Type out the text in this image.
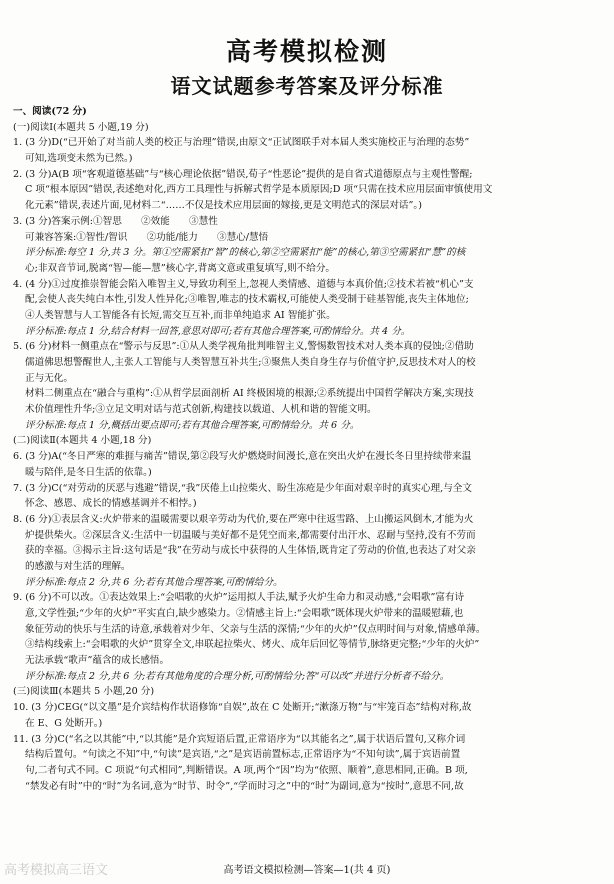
高考模拟检测
语文试题参考答案及评分标准
一、阅读(72 分)
(一)阅读Ⅰ(本题共 5 小题,19 分)
1. (3 分)D(“已开始了对当前人类的校正与治理”错误,由原文“正试图联手对本届人类实施校正与治理的态势”
可知,选项变未然为已然。)
2. (3 分)A(B 项“客观道德基础”与“核心理论依据”错误,荀子“性恶论”提供的是自省式道德原点与主观性警醒;
C 项“根本原因”错误,表述绝对化,西方工具理性与拆解式哲学是本质原因;D 项“只需在技术应用层面审慎使用文
化元素”错误,表述片面,见材料二“……不仅是技术应用层面的嫁接,更是文明范式的深层对话”。)
3. (3 分)答案示例:①智思　　②效能　　③慧性
可兼容答案:①智性/智识　　②功能/能力　　③慧心/慧悟
评分标准:每空 1 分,共 3 分。第①空需紧扣“智”的核心,第②空需紧扣“能”的核心,第③空需紧扣“慧”的核
心;非双音节词,脱离“智—能—慧”核心字,背离文意或重复填写,则不给分。
4. (4 分)①过度推崇智能会陷入唯智主义,导致功利至上,忽视人类情感、道德与本真价值;②技术若被“机心”支
配,会使人丧失纯白本性,引发人性异化;③唯智,唯志的技术霸权,可能使人类受制于硅基智能,丧失主体地位;
④人类智慧与人工智能各有长短,需交互互补,而非单纯追求 AI 智能扩张。
评分标准:每点 1 分,结合材料一回答,意思对即可;若有其他合理答案,可酌情给分。共 4 分。
5. (6 分)材料一侧重点在“警示与反思”:①从人类学视角批判唯智主义,警惕数智技术对人类本真的侵蚀;②借助
儒道佛思想警醒世人,主张人工智能与人类智慧互补共生;③聚焦人类自身生存与价值守护,反思技术对人的校
正与无化。
材料二侧重点在“融合与重构”:①从哲学层面剖析 AI 终极困境的根源;②系统提出中国哲学解决方案,实现技
术价值理性升华;③立足文明对话与范式创新,构建技以载道、人机和谐的智能文明。
评分标准:每点 1 分,概括出要点即可;若有其他合理答案,可酌情给分。共 6 分。
(二)阅读Ⅱ(本题共 4 小题,18 分)
6. (3 分)A(“冬日严寒的难捱与痛苦”错误,第②段写火炉燃烧时间漫长,意在突出火炉在漫长冬日里持续带来温
暖与陪伴,是冬日生活的依靠。)
7. (3 分)C(“对劳动的厌恶与逃避”错误,“我”厌倦上山拉柴火、盼生冻疮是少年面对艰辛时的真实心理,与全文
怀念、感恩、成长的情感基调并不相悖。)
8. (6 分)①表层含义:火炉带来的温暖需要以艰辛劳动为代价,要在严寒中往返雪路、上山搬运风倒木,才能为火
炉提供柴火。②深层含义:生活中一切温暖与美好都不是凭空而来,都需要付出汗水、忍耐与坚持,没有不劳而
获的幸福。③揭示主旨:这句话是“我”在劳动与成长中获得的人生体悟,既肯定了劳动的价值,也表达了对父亲
的感激与对生活的理解。
评分标准:每点 2 分,共 6 分;若有其他合理答案,可酌情给分。
9. (6 分)不可以改。①表达效果上:“会唱歌的火炉”运用拟人手法,赋予火炉生命力和灵动感,“会唱歌”富有诗
意,文学性强;“少年的火炉”平实直白,缺少感染力。②情感主旨上:“会唱歌”既体现火炉带来的温暖慰藉,也
象征劳动的快乐与生活的诗意,承载着对少年、父亲与生活的深情;“少年的火炉”仅点明时间与对象,情感单薄。
③结构线索上:“会唱歌的火炉”贯穿全文,串联起拉柴火、烤火、成年后回忆等情节,脉络更完整;“少年的火炉”
无法承载“歌声”蕴含的成长感悟。
评分标准:每点 2 分,共 6 分;若有其他角度的合理分析,可酌情给分;答“可以改”并进行分析者不给分。
(三)阅读Ⅲ(本题共 5 小题,20 分)
10. (3 分)CEG(“以文墨”是介宾结构作状语修饰“自娱”,故在 C 处断开;“漱涤万物”与“牢笼百态”结构对称,故
在 E、G 处断开。)
11. (3 分)C(“名之以其能”中,“以其能”是介宾短语后置,正常语序为“以其能名之”,属于状语后置句,又称介词
结构后置句。“句读之不知”中,“句读”是宾语,“之”是宾语前置标志,正常语序为“不知句读”,属于宾语前置
句,二者句式不同。C 项说“句式相同”,判断错误。A 项,两个“因”均为“依照、顺着”,意思相同,正确。B 项,
“禁发必有时”中的“时”为名词,意为“时节、时令”,“学而时习之”中的“时”为副词,意为“按时”,意思不同,故
高考语文模拟检测—答案—1(共 4 页)
高考模拟高三语文
